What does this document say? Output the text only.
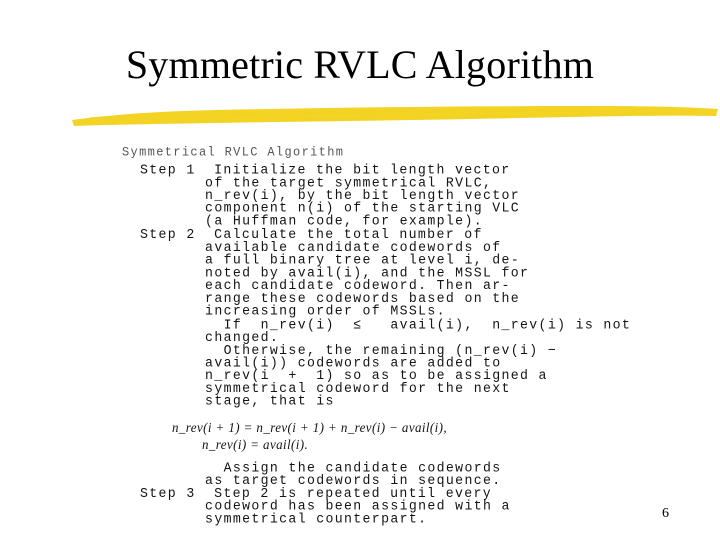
Symmetric RVLC Algorithm
Symmetrical RVLC Algorithm
Step 1  Initialize the bit length vector
of the target symmetrical RVLC,
n_rev(i), by the bit length vector
component n(i) of the starting VLC
(a Huffman code, for example).
Step 2  Calculate the total number of
available candidate codewords of
a full binary tree at level i, de-
noted by avail(i), and the MSSL for
each candidate codeword. Then ar-
range these codewords based on the
increasing order of MSSLs.
If  n_rev(i)  ≤   avail(i),  n_rev(i) is not
changed.
Otherwise, the remaining (n_rev(i) −
avail(i)) codewords are added to
n_rev(i  +  1) so as to be assigned a
symmetrical codeword for the next
stage, that is
n_rev(i + 1) = n_rev(i + 1) + n_rev(i) − avail(i),
n_rev(i) = avail(i).
Assign the candidate codewords
as target codewords in sequence.
Step 3  Step 2 is repeated until every
codeword has been assigned with a
symmetrical counterpart.	6
